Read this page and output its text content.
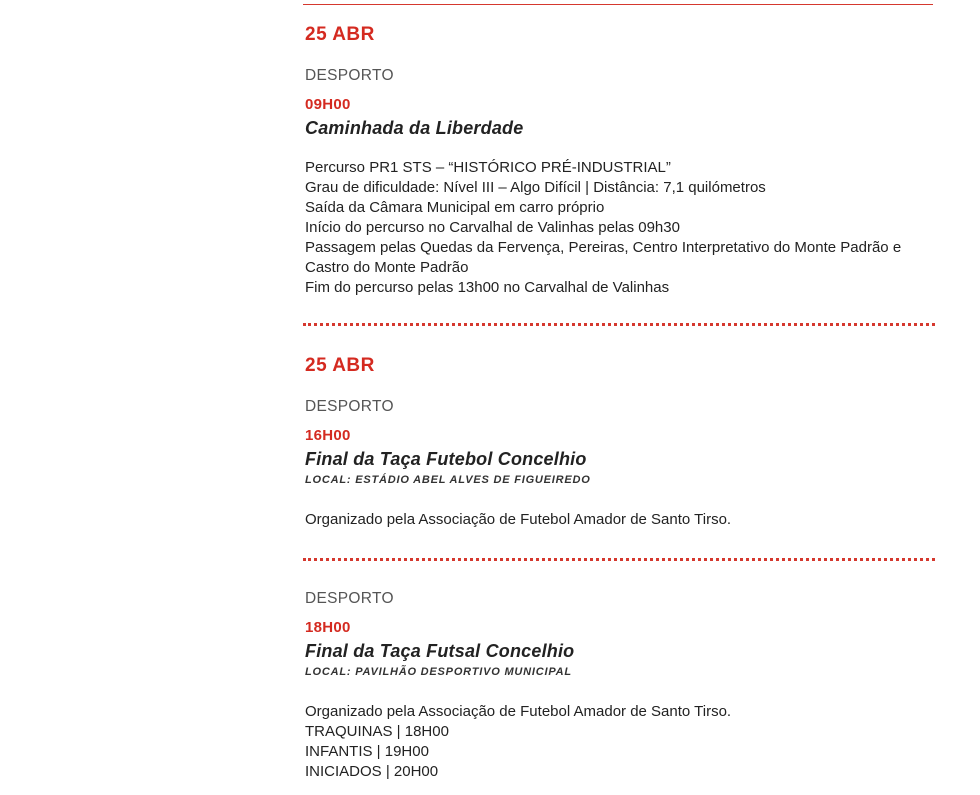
25 ABR
DESPORTO
09H00
Caminhada da Liberdade
Percurso PR1 STS – “HISTÓRICO PRÉ-INDUSTRIAL”
Grau de dificuldade: Nível III – Algo Difícil | Distância: 7,1 quilómetros
Saída da Câmara Municipal em carro próprio
Início do percurso no Carvalhal de Valinhas pelas 09h30
Passagem pelas Quedas da Fervença, Pereiras, Centro Interpretativo do Monte Padrão e Castro do Monte Padrão
Fim do percurso pelas 13h00 no Carvalhal de Valinhas
25 ABR
DESPORTO
16H00
Final da Taça Futebol Concelhio
LOCAL: ESTÁDIO ABEL ALVES DE FIGUEIREDO
Organizado pela Associação de Futebol Amador de Santo Tirso.
DESPORTO
18H00
Final da Taça Futsal Concelhio
LOCAL: PAVILHÃO DESPORTIVO MUNICIPAL
Organizado pela Associação de Futebol Amador de Santo Tirso.
TRAQUINAS | 18H00
INFANTIS | 19H00
INICIADOS | 20H00
